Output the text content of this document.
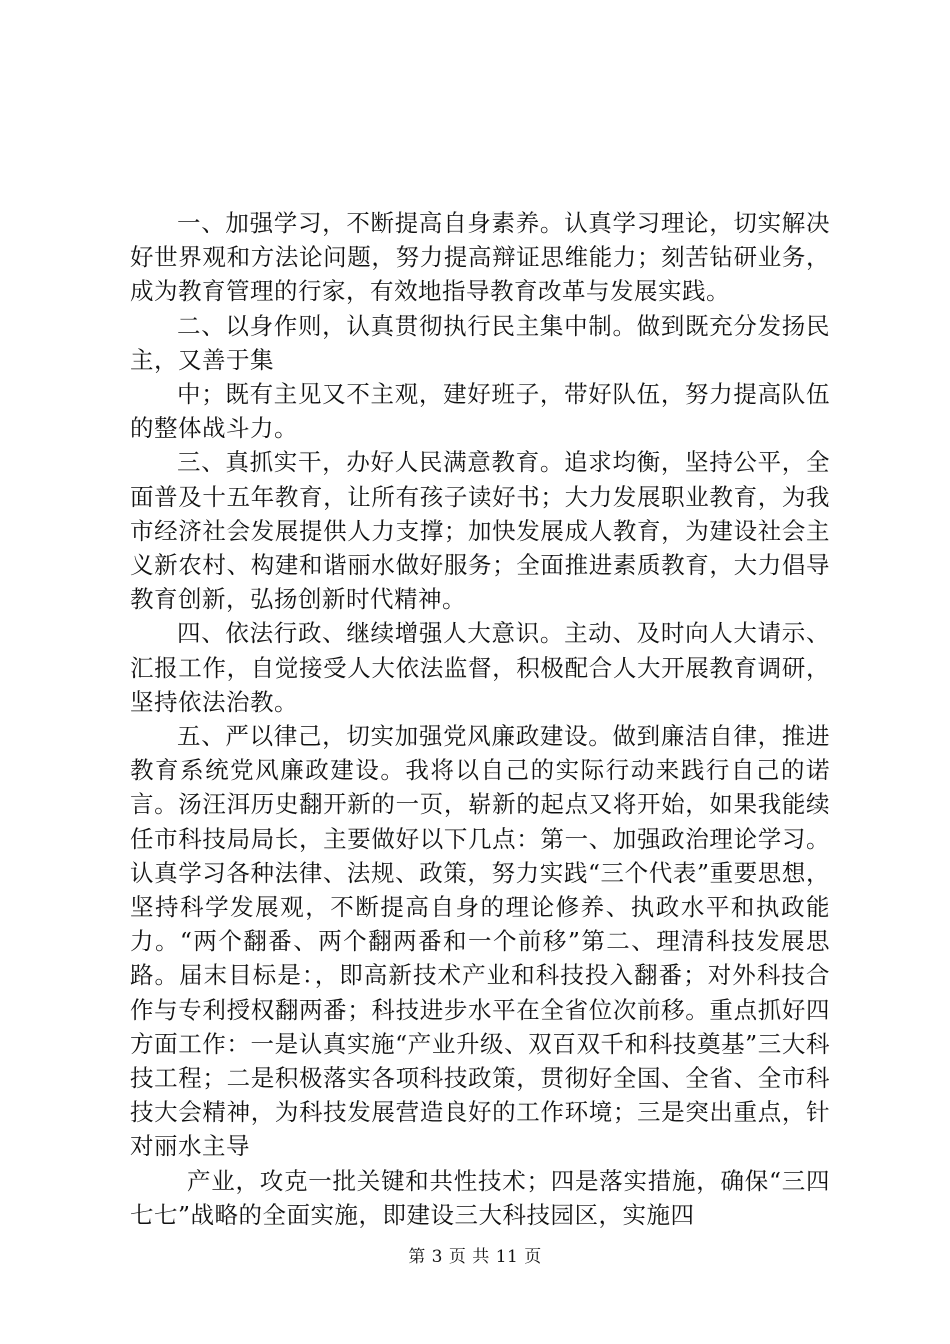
一、加强学习，不断提高自身素养。认真学习理论，切实解决好世界观和方法论问题，努力提高辩证思维能力；刻苦钻研业务，成为教育管理的行家，有效地指导教育改革与发展实践。

二、以身作则，认真贯彻执行民主集中制。做到既充分发扬民主，又善于集

中；既有主见又不主观，建好班子，带好队伍，努力提高队伍的整体战斗力。

三、真抓实干，办好人民满意教育。追求均衡，坚持公平，全面普及十五年教育，让所有孩子读好书；大力发展职业教育，为我市经济社会发展提供人力支撑；加快发展成人教育，为建设社会主义新农村、构建和谐丽水做好服务；全面推进素质教育，大力倡导教育创新，弘扬创新时代精神。

四、依法行政、继续增强人大意识。主动、及时向人大请示、汇报工作，自觉接受人大依法监督，积极配合人大开展教育调研，坚持依法治教。

五、严以律己，切实加强党风廉政建设。做到廉洁自律，推进教育系统党风廉政建设。我将以自己的实际行动来践行自己的诺言。汤汪洱历史翻开新的一页，崭新的起点又将开始，如果我能续任市科技局局长，主要做好以下几点：第一、加强政治理论学习。认真学习各种法律、法规、政策，努力实践“三个代表”重要思想，坚持科学发展观，不断提高自身的理论修养、执政水平和执政能力。“两个翻番、两个翻两番和一个前移”第二、理清科技发展思路。届末目标是：，即高新技术产业和科技投入翻番；对外科技合作与专利授权翻两番；科技进步水平在全省位次前移。重点抓好四方面工作：一是认真实施“产业升级、双百双千和科技奠基”三大科技工程；二是积极落实各项科技政策，贯彻好全国、全省、全市科技大会精神，为科技发展营造良好的工作环境；三是突出重点，针对丽水主导

产业，攻克一批关键和共性技术；四是落实措施，确保“三四七七”战略的全面实施，即建设三大科技园区，实施四

第 3 页 共 11 页
